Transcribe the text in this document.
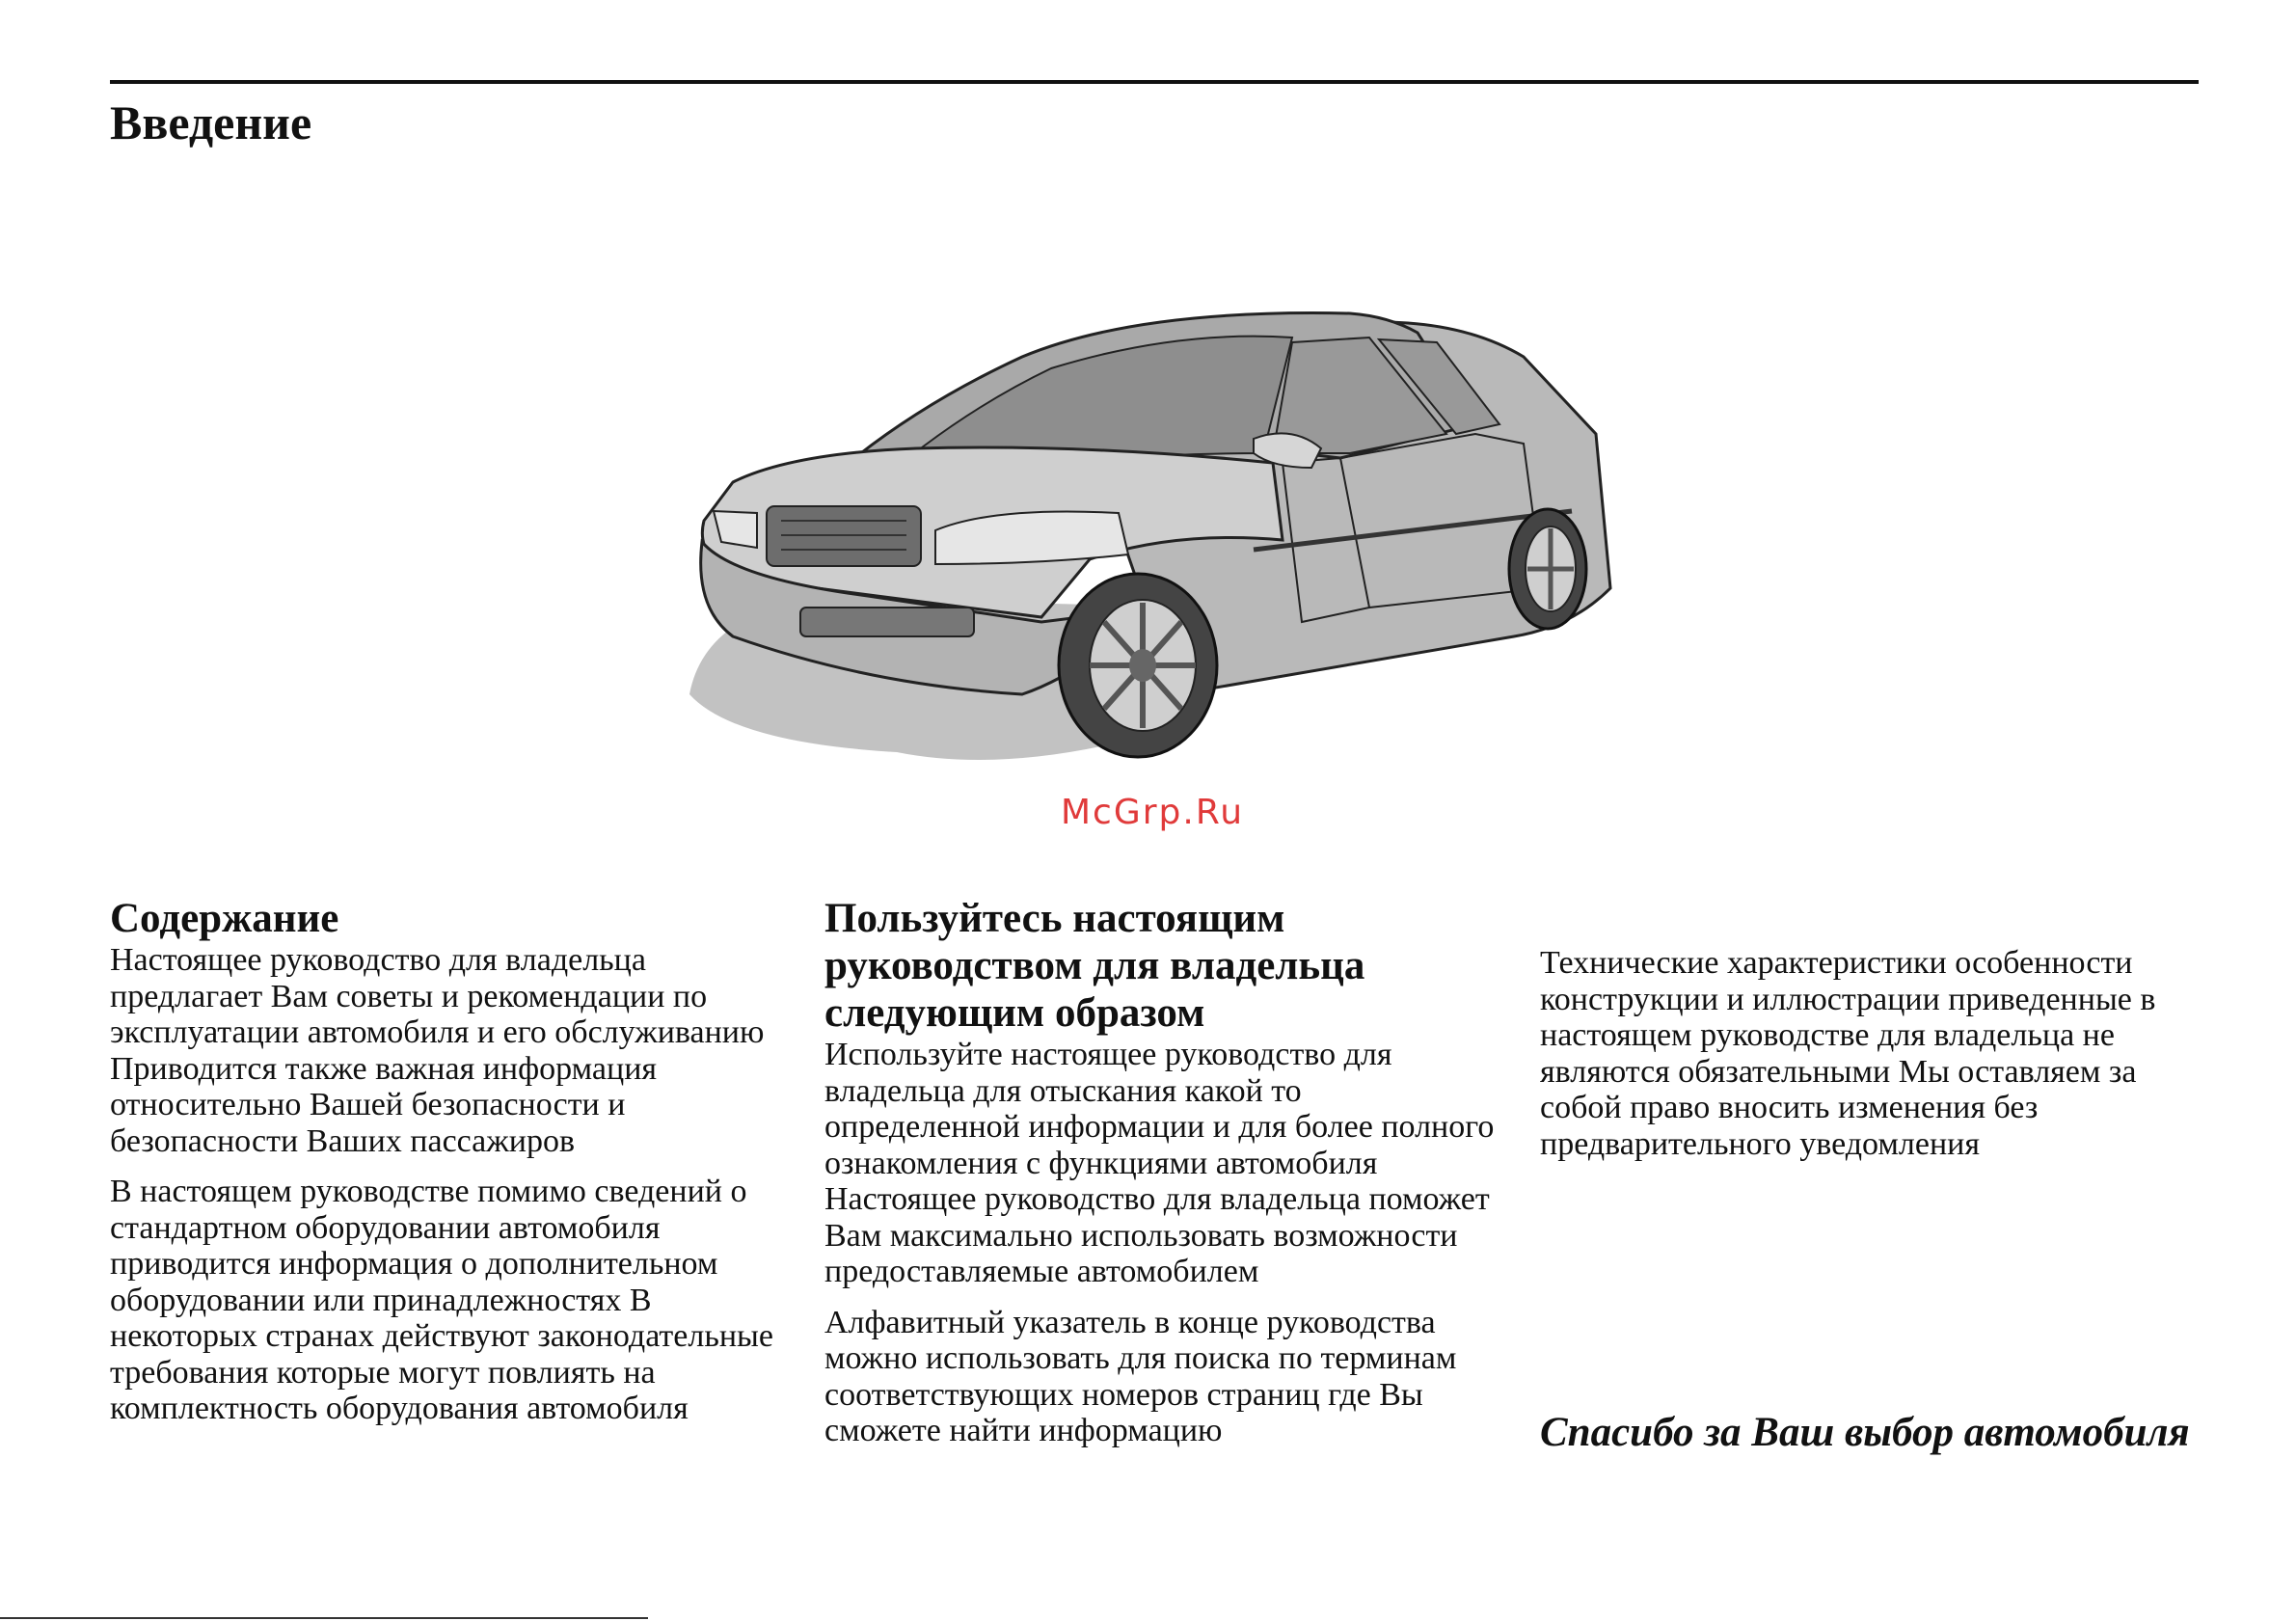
Введение
McGrp.Ru
Содержание

Настоящее руководство для владельца предлагает Вам советы и рекомендации по эксплуатации автомобиля и его обслуживанию Приводится также важная информация относительно Вашей безопасности и безопасности Ваших пассажиров

В настоящем руководстве помимо сведений о стандартном оборудовании автомобиля приводится информация о дополнительном оборудовании или принадлежностях В некоторых странах действуют законодательные требования которые могут повлиять на комплектность оборудования автомобиля

Пользуйтесь настоящим руководством для владельца следующим образом

Используйте настоящее руководство для владельца для отыскания какой то определенной информации и для более полного ознакомления с функциями автомобиля Настоящее руководство для владельца поможет Вам максимально использовать возможности предоставляемые автомобилем

Алфавитный указатель в конце руководства можно использовать для поиска по терминам соответствующих номеров страниц где Вы сможете найти информацию

Технические характеристики особенности конструкции и иллюстрации приведенные в настоящем руководстве для владельца не являются обязательными Мы оставляем за собой право вносить изменения без предварительного уведомления

Спасибо за Ваш выбор автомобиля
